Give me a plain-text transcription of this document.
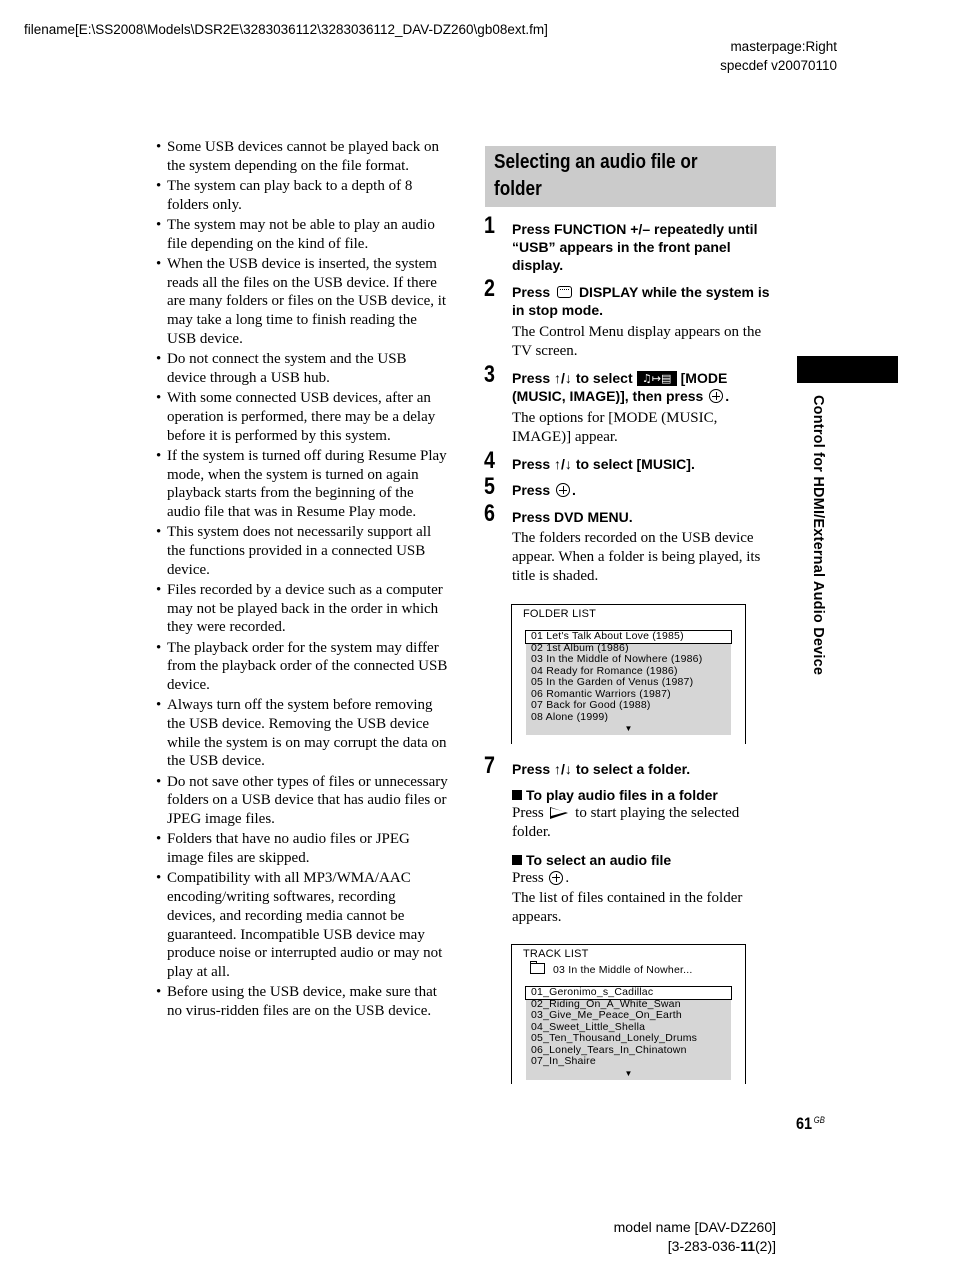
filename[E:\SS2008\Models\DSR2E\3283036112\3283036112_DAV-DZ260\gb08ext.fm]
masterpage:Right
specdef v20070110
• Some USB devices cannot be played back on the system depending on the file format.
• The system can play back to a depth of 8 folders only.
• The system may not be able to play an audio file depending on the kind of file.
• When the USB device is inserted, the system reads all the files on the USB device. If there are many folders or files on the USB device, it may take a long time to finish reading the USB device.
• Do not connect the system and the USB device through a USB hub.
• With some connected USB devices, after an operation is performed, there may be a delay before it is performed by this system.
• If the system is turned off during Resume Play mode, when the system is turned on again playback starts from the beginning of the audio file that was in Resume Play mode.
• This system does not necessarily support all the functions provided in a connected USB device.
• Files recorded by a device such as a computer may not be played back in the order in which they were recorded.
• The playback order for the system may differ from the playback order of the connected USB device.
• Always turn off the system before removing the USB device. Removing the USB device while the system is on may corrupt the data on the USB device.
• Do not save other types of files or unnecessary folders on a USB device that has audio files or JPEG image files.
• Folders that have no audio files or JPEG image files are skipped.
• Compatibility with all MP3/WMA/AAC encoding/writing softwares, recording devices, and recording media cannot be guaranteed. Incompatible USB device may produce noise or interrupted audio or may not play at all.
• Before using the USB device, make sure that no virus-ridden files are on the USB device.
Selecting an audio file or
folder
1 Press FUNCTION +/– repeatedly until “USB” appears in the front panel display.
2 Press DISPLAY while the system is in stop mode.
The Control Menu display appears on the TV screen.
3 Press ↑/↓ to select ♫↦▤ [MODE (MUSIC, IMAGE)], then press .
The options for [MODE (MUSIC, IMAGE)] appear.
4 Press ↑/↓ to select [MUSIC].
5 Press .
6 Press DVD MENU.
The folders recorded on the USB device appear. When a folder is being played, its title is shaded.
FOLDER LIST
01 Let's Talk About Love (1985)
02 1st Album (1986)
03 In the Middle of Nowhere (1986)
04 Ready for Romance (1986)
05 In the Garden of Venus (1987)
06 Romantic Warriors (1987)
07 Back for Good (1988)
08 Alone (1999)
▼
7 Press ↑/↓ to select a folder.
To play audio files in a folder
Press to start playing the selected folder.
To select an audio file
Press .
The list of files contained in the folder appears.
TRACK LIST
03 In the Middle of Nowher...
01_Geronimo_s_Cadillac
02_Riding_On_A_White_Swan
03_Give_Me_Peace_On_Earth
04_Sweet_Little_Shella
05_Ten_Thousand_Lonely_Drums
06_Lonely_Tears_In_Chinatown
07_In_Shaire
▼
Control for HDMI/External Audio Device
61 $^{GB}$
model name [DAV-DZ260]
[3-283-036-11(2)]
